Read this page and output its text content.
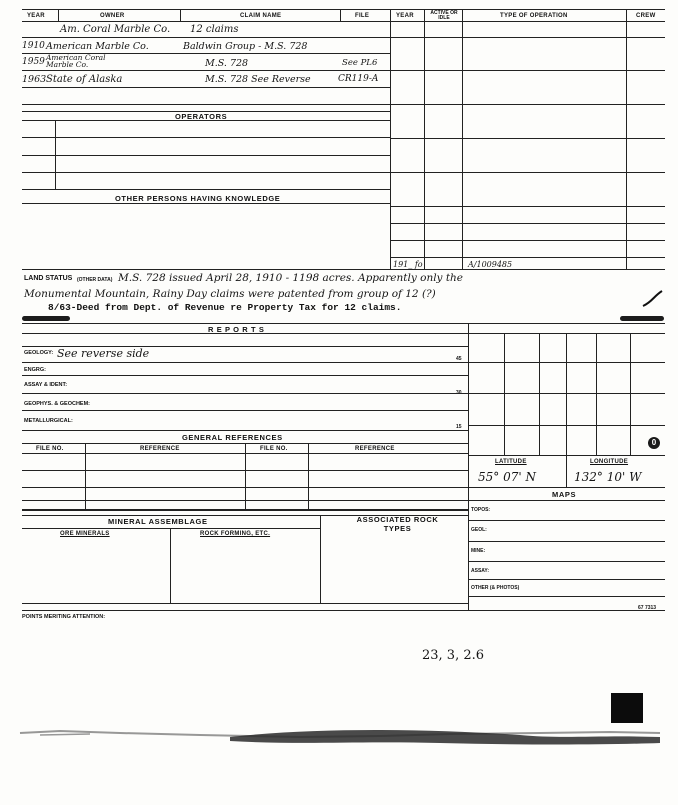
YEAR	OWNER	CLAIM NAME	FILE	YEAR	ACTIVE OR IDLE	TYPE OF OPERATION	CREW
Am. Coral Marble Co. 12 claims
1910 American Marble Co.	Baldwin Group - M.S. 728
1959 American Coral Marble Co.	M.S. 728	See PL6
1963 State of Alaska	M.S. 728 See Reverse	CR119-A
OPERATORS
OTHER PERSONS HAVING KNOWLEDGE
191_ fo	A/1009485
LAND STATUS (OTHER DATA) M.S. 728 issued April 28, 1910 - 1198 acres. Apparently only the
Monumental Mountain, Rainy Day claims were patented from group of 12 (?)
8/63-Deed from Dept. of Revenue re Property Tax for 12 claims.
R E P O R T S
GEOLOGY: See reverse side	45
ENGRG:
ASSAY & IDENT:
GEOPHYS. & GEOCHEM:
METALLURGICAL:
15
GENERAL REFERENCES
FILE NO.	REFERENCE	FILE NO.	REFERENCE
0
LATITUDE	LONGITUDE
55° 07' N	132° 10' W
MAPS
TOPOS:
GEOL:
MINE:
ASSAY:
OTHER (& PHOTOS)
MINERAL ASSEMBLAGE	ASSOCIATED ROCK TYPES
ORE MINERALS	ROCK FORMING, ETC.
POINTS MERITING ATTENTION:
67 7313
23, 3, 2.6
